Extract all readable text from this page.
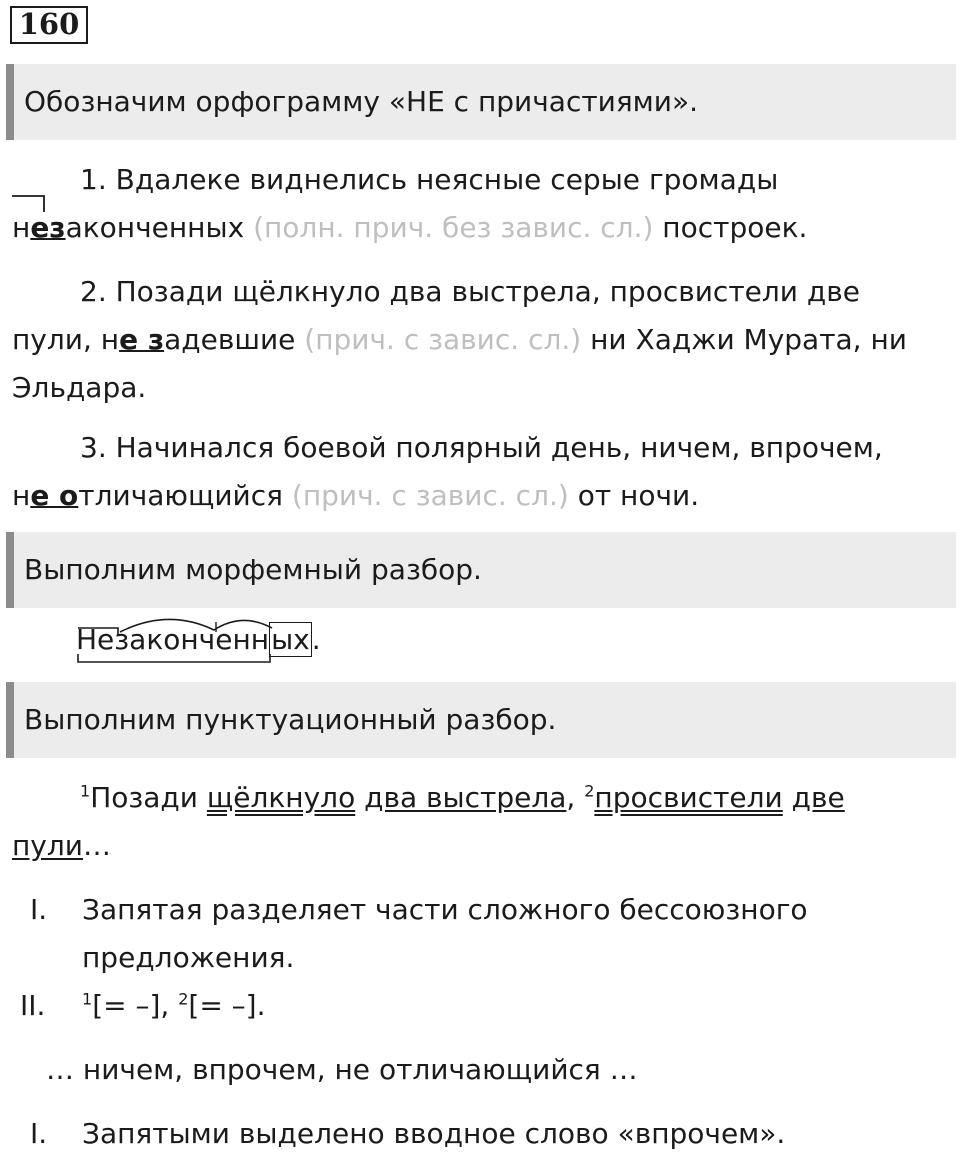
160
Обозначим орфограмму «НЕ с причастиями».
1. Вдалеке виднелись неясные серые громады
незаконченных (полн. прич. без завис. сл.) построек.
2. Позади щёлкнуло два выстрела, просвистели две
пули, не задевшие (прич. с завис. сл.) ни Хаджи Мурата, ни
Эльдара.
3. Начинался боевой полярный день, ничем, впрочем,
не отличающийся (прич. с завис. сл.) от ночи.
Выполним морфемный разбор.
Незаконченных.
Выполним пунктуационный разбор.
$^1$Позади щёлкнуло два выстрела, $^2$просвистели две
пули…
I. Запятая разделяет части сложного бессоюзного предложения.
II. $^1$[= –], $^2$[= –].
… ничем, впрочем, не отличающийся …
I. Запятыми выделено вводное слово «впрочем».
